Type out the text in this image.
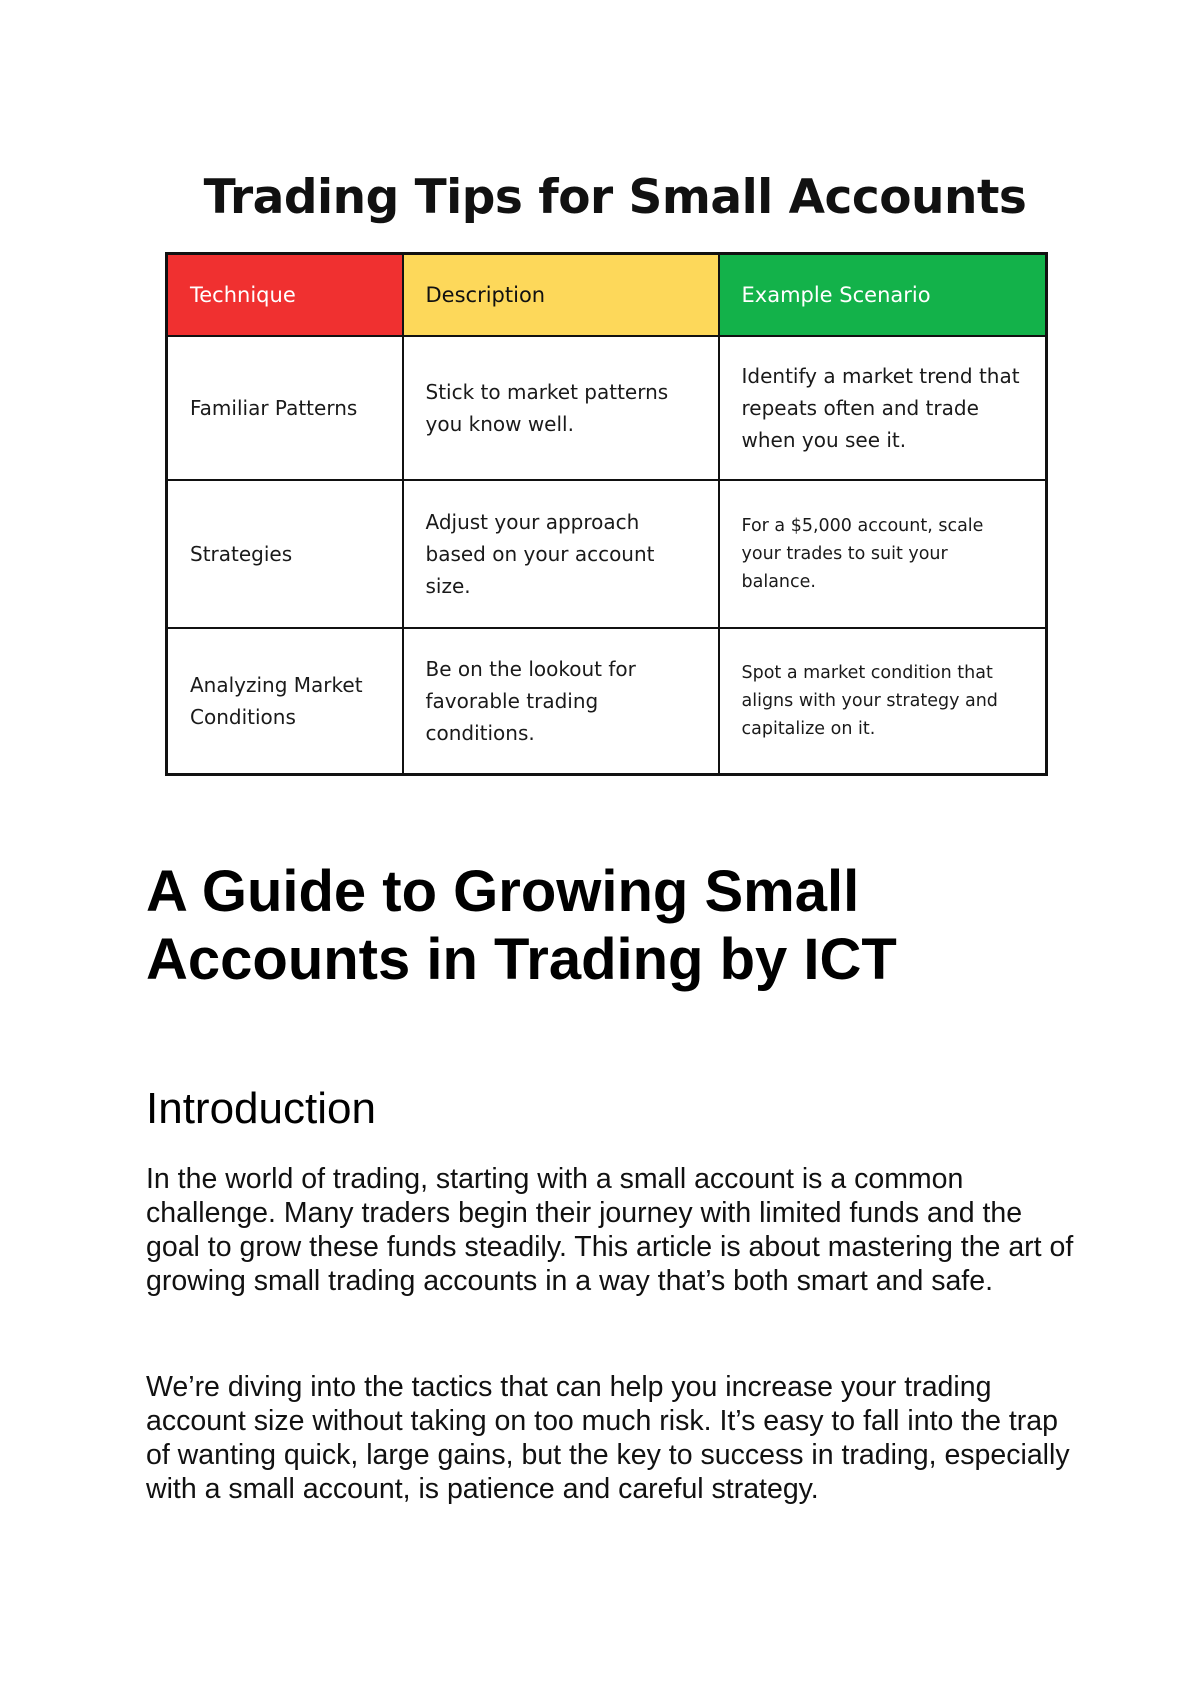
Trading Tips for Small Accounts
Technique	Description	Example Scenario
Familiar Patterns	Stick to market patterns you know well.	Identify a market trend that repeats often and trade when you see it.
Strategies	Adjust your approach based on your account size.	For a $5,000 account, scale your trades to suit your balance.
Analyzing Market Conditions	Be on the lookout for favorable trading conditions.	Spot a market condition that aligns with your strategy and capitalize on it.
A Guide to Growing Small Accounts in Trading by ICT
Introduction

In the world of trading, starting with a small account is a common challenge. Many traders begin their journey with limited funds and the goal to grow these funds steadily. This article is about mastering the art of growing small trading accounts in a way that’s both smart and safe.

We’re diving into the tactics that can help you increase your trading account size without taking on too much risk. It’s easy to fall into the trap of wanting quick, large gains, but the key to success in trading, especially with a small account, is patience and careful strategy.
